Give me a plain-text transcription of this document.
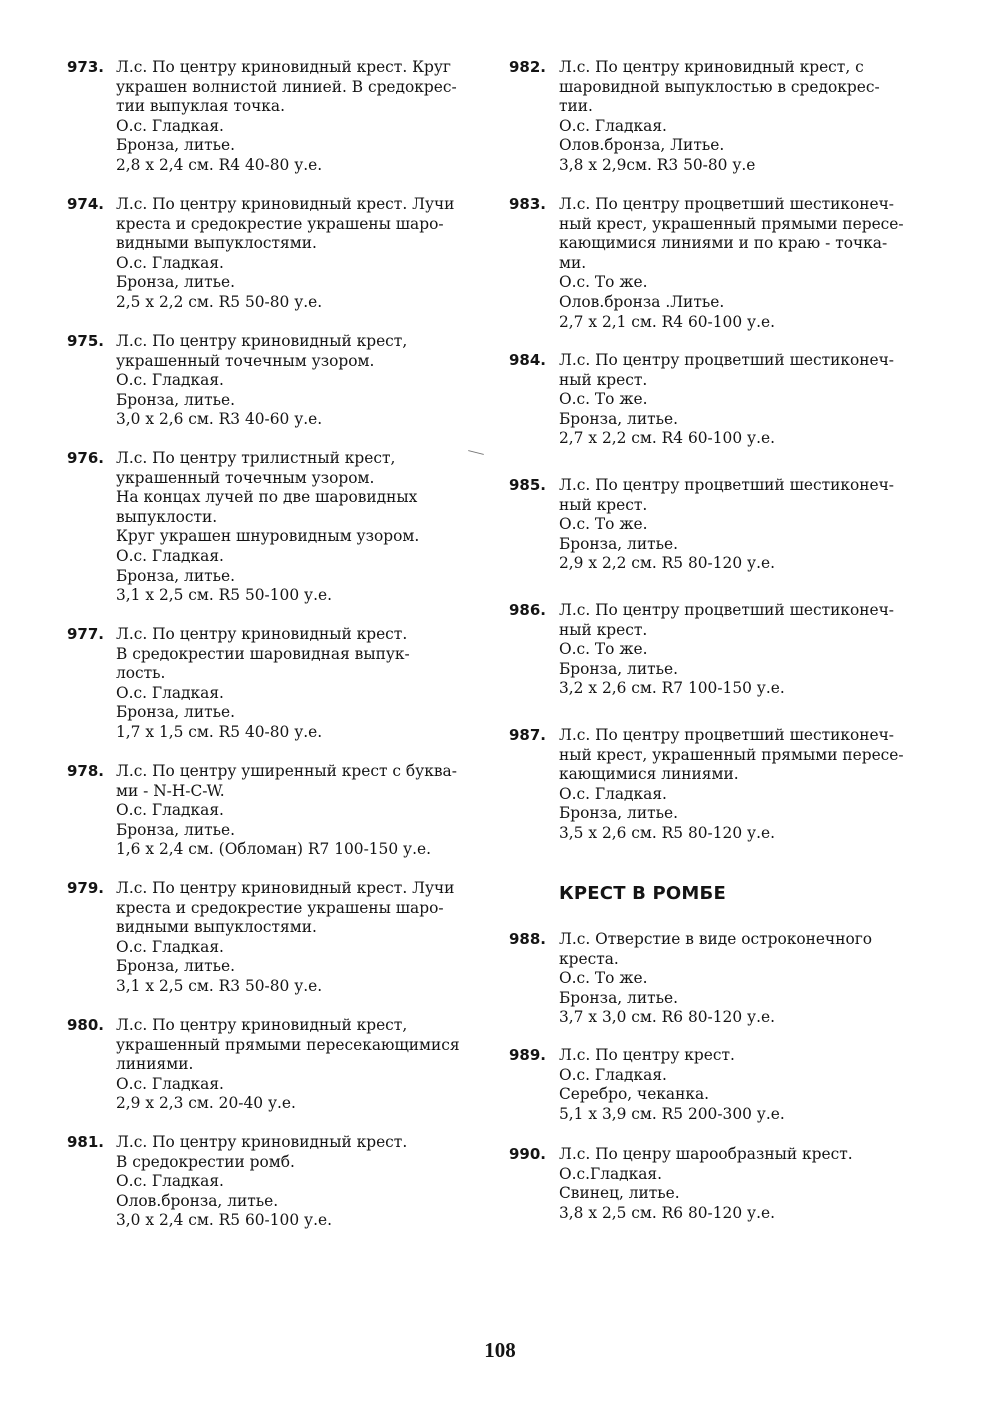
973. Л.с. По центру криновидный крест. Круг
украшен волнистой линией. В средокрес-
тии выпуклая точка.
О.с. Гладкая.
Бронза, литье.
2,8 х 2,4 см. R4 40-80 у.е.
974. Л.с. По центру криновидный крест. Лучи
креста и средокрестие украшены шаро-
видными выпуклостями.
О.с. Гладкая.
Бронза, литье.
2,5 х 2,2 см. R5 50-80 у.е.
975. Л.с. По центру криновидный крест,
украшенный точечным узором.
О.с. Гладкая.
Бронза, литье.
3,0 х 2,6 см. R3 40-60 у.е.
976. Л.с. По центру трилистный крест,
украшенный точечным узором.
На концах лучей по две шаровидных
выпуклости.
Круг украшен шнуровидным узором.
О.с. Гладкая.
Бронза, литье.
3,1 х 2,5 см. R5 50-100 у.е.
977. Л.с. По центру криновидный крест.
В средокрестии шаровидная выпук-
лость.
О.с. Гладкая.
Бронза, литье.
1,7 х 1,5 см. R5 40-80 у.е.
978. Л.с. По центру уширенный крест с буква-
ми - N-H-C-W.
О.с. Гладкая.
Бронза, литье.
1,6 х 2,4 см. (Обломан) R7 100-150 у.е.
979. Л.с. По центру криновидный крест. Лучи
креста и средокрестие украшены шаро-
видными выпуклостями.
О.с. Гладкая.
Бронза, литье.
3,1 х 2,5 см. R3 50-80 у.е.
980. Л.с. По центру криновидный крест,
украшенный прямыми пересекающимися
линиями.
О.с. Гладкая.
2,9 х 2,3 см. 20-40 у.е.
981. Л.с. По центру криновидный крест.
В средокрестии ромб.
О.с. Гладкая.
Олов.бронза, литье.
3,0 х 2,4 см. R5 60-100 у.е.
982. Л.с. По центру криновидный крест, с
шаровидной выпуклостью в средокрес-
тии.
О.с. Гладкая.
Олов.бронза, Литье.
3,8 х 2,9см. R3 50-80 у.е
983. Л.с. По центру процветший шестиконеч-
ный крест, украшенный прямыми пересе-
кающимися линиями и по краю - точка-
ми.
О.с. То же.
Олов.бронза .Литье.
2,7 х 2,1 см. R4 60-100 у.е.
984. Л.с. По центру процветший шестиконеч-
ный крест.
О.с. То же.
Бронза, литье.
2,7 х 2,2 см. R4 60-100 у.е.
985. Л.с. По центру процветший шестиконеч-
ный крест.
О.с. То же.
Бронза, литье.
2,9 х 2,2 см. R5 80-120 у.е.
986. Л.с. По центру процветший шестиконеч-
ный крест.
О.с. То же.
Бронза, литье.
3,2 х 2,6 см. R7 100-150 у.е.
987. Л.с. По центру процветший шестиконеч-
ный крест, украшенный прямыми пересе-
кающимися линиями.
О.с. Гладкая.
Бронза, литье.
3,5 х 2,6 см. R5 80-120 у.е.
988. Л.с. Отверстие в виде остроконечного
креста.
О.с. То же.
Бронза, литье.
3,7 х 3,0 см. R6 80-120 у.е.
989. Л.с. По центру крест.
О.с. Гладкая.
Серебро, чеканка.
5,1 х 3,9 см. R5 200-300 у.е.
990. Л.с. По ценру шарообразный крест.
О.с.Гладкая.
Свинец, литье.
3,8 х 2,5 см. R6 80-120 у.е.
КРЕСТ В РОМБЕ
108
